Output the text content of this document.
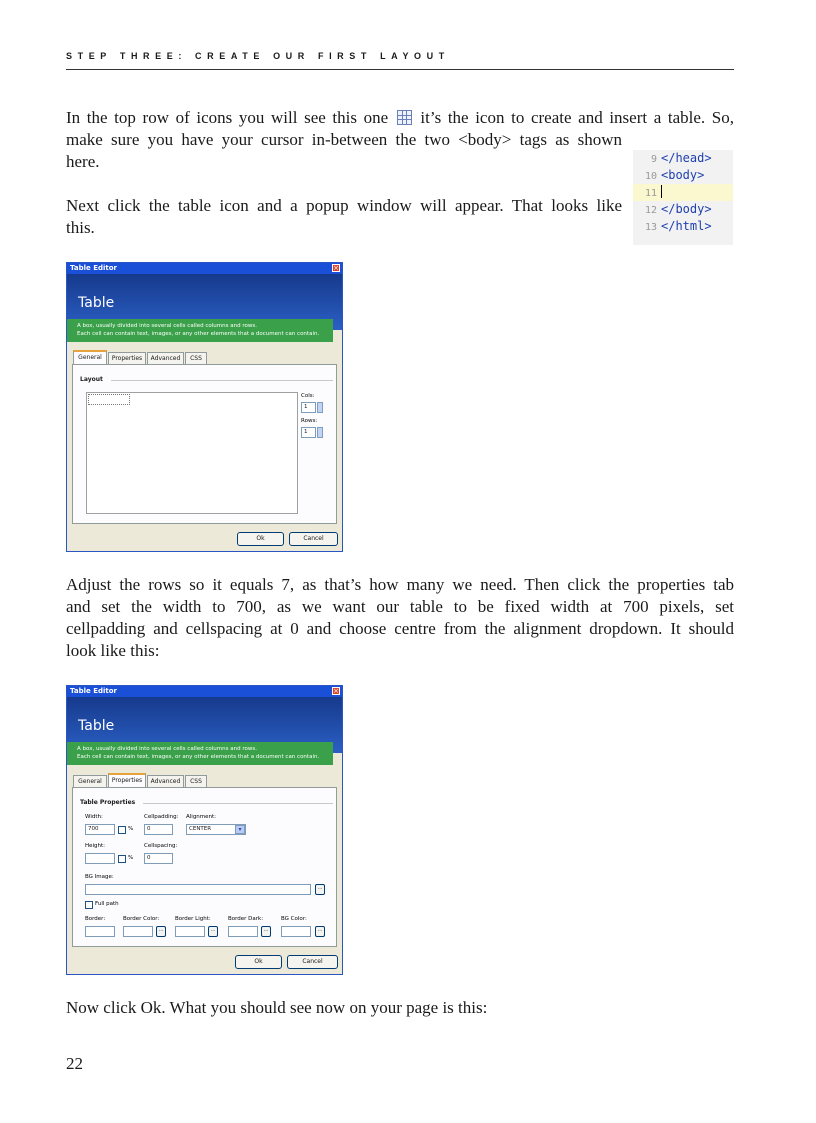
STEP THREE: CREATE OUR FIRST LAYOUT
In the top row of icons you will see this one it’s the icon to create and insert a table. So,
make sure you have your cursor in-between the two <body> tags as shown
here.	9 </head>
10 <body>
11
12 </body>
13 </html>
Next click the table icon and a popup window will appear. That looks like
this.
Table Editor	×
Table
A box, usually divided into several cells called columns and rows.
Each cell can contain text, images, or any other elements that a document can contain.
General	Properties	Advanced	CSS
Layout
Cols:
1
Rows:
1
Ok	Cancel
Adjust the rows so it equals 7, as that’s how many we need. Then click the properties tab
and set the width to 700, as we want our table to be fixed width at 700 pixels, set
cellpadding and cellspacing at 0 and choose centre from the alignment dropdown. It should
look like this:
Table Editor	×
Table
A box, usually divided into several cells called columns and rows.
Each cell can contain text, images, or any other elements that a document can contain.
General	Properties	Advanced	CSS
Table Properties
Width:
700	%
Cellpadding:
0
Alignment:
CENTER	▾
Height:
%
Cellspacing:
0
BG Image:
...
Full path
Border:	Border Color:
...
Border Light:
...
Border Dark:
...
BG Color:
...
Ok	Cancel
Now click Ok. What you should see now on your page is this:
22
